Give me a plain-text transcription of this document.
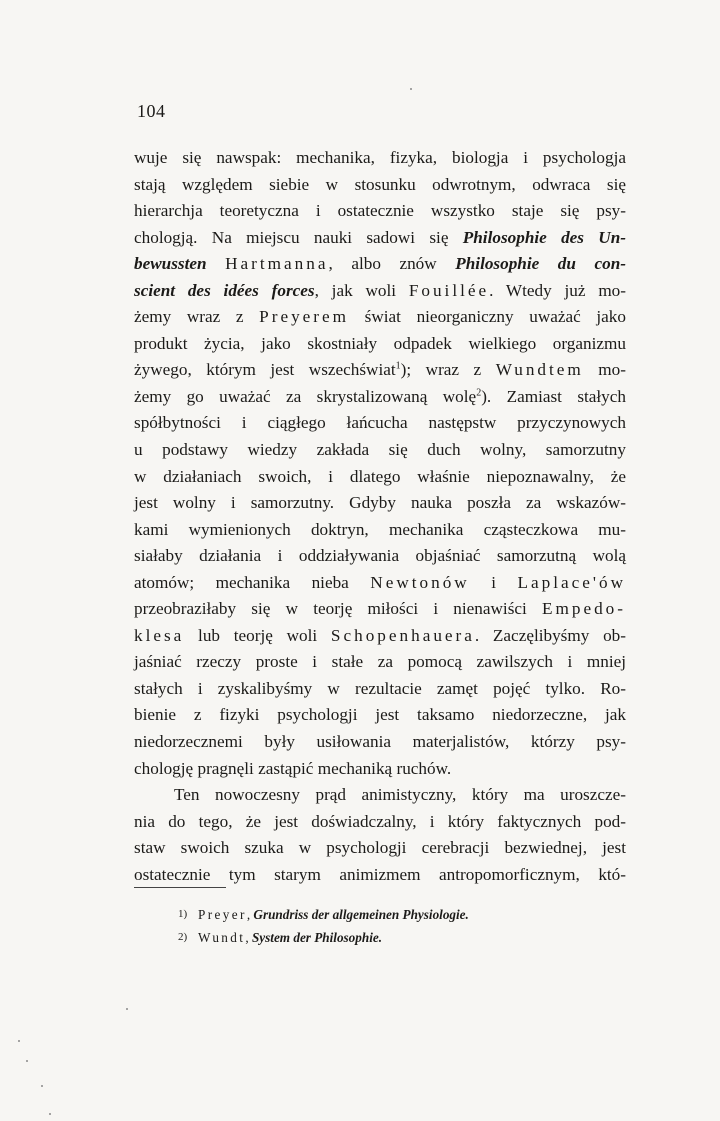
104
wuje się nawspak: mechanika, fizyka, biologja i psychologja
stają względem siebie w stosunku odwrotnym, odwraca się
hierarchja teoretyczna i ostatecznie wszystko staje się psy-
chologją. Na miejscu nauki sadowi się Philosophie des Un-
bewussten Hartmanna, albo znów Philosophie du con-
scient des idées forces, jak woli Fouillée. Wtedy już mo-
żemy wraz z Preyerem świat nieorganiczny uważać jako
produkt życia, jako skostniały odpadek wielkiego organizmu
żywego, którym jest wszechświat$^1$); wraz z Wundtem mo-
żemy go uważać za skrystalizowaną wolę$^2$). Zamiast stałych
spółbytności i ciągłego łańcucha następstw przyczynowych
u podstawy wiedzy zakłada się duch wolny, samorzutny
w działaniach swoich, i dlatego właśnie niepoznawalny, że
jest wolny i samorzutny. Gdyby nauka poszła za wskazów-
kami wymienionych doktryn, mechanika cząsteczkowa mu-
siałaby działania i oddziaływania objaśniać samorzutną wolą
atomów; mechanika nieba Newtonów i Laplace'ów
przeobraziłaby się w teorję miłości i nienawiści Empedo-
klesa lub teorję woli Schopenhauera. Zaczęlibyśmy ob-
jaśniać rzeczy proste i stałe za pomocą zawilszych i mniej
stałych i zyskalibyśmy w rezultacie zamęt pojęć tylko. Ro-
bienie z fizyki psychologji jest taksamo niedorzeczne, jak
niedorzecznemi były usiłowania materjalistów, którzy psy-
chologję pragnęli zastąpić mechaniką ruchów.
Ten nowoczesny prąd animistyczny, który ma uroszcze-
nia do tego, że jest doświadczalny, i który faktycznych pod-
staw swoich szuka w psychologji cerebracji bezwiednej, jest
ostatecznie tym starym animizmem antropomorficznym, któ-
1) Preyer, Grundriss der allgemeinen Physiologie.
2) Wundt, System der Philosophie.
